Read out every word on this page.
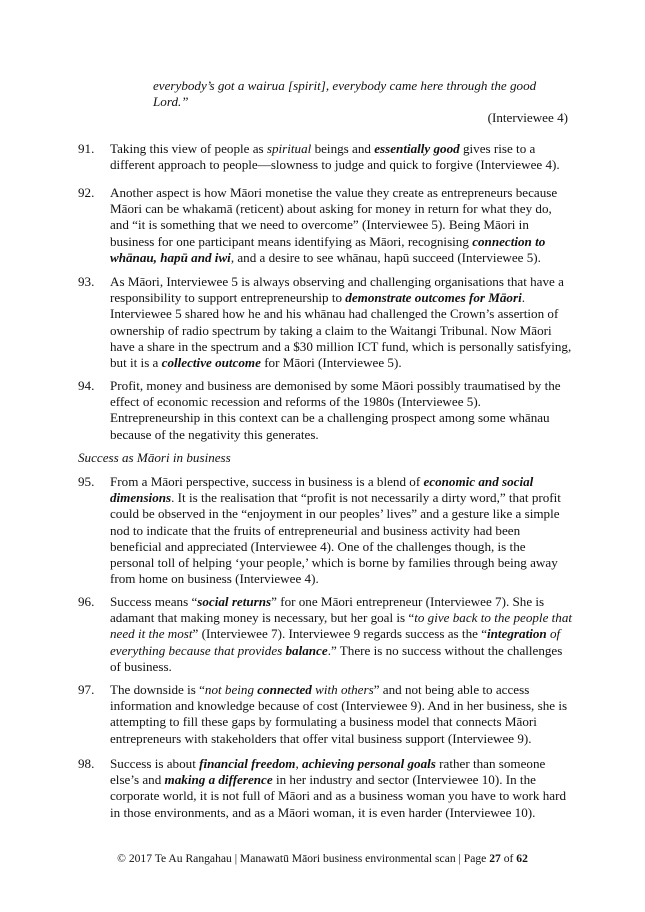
everybody’s got a wairua [spirit], everybody came here through the good Lord.”
(Interviewee 4)
91. Taking this view of people as spiritual beings and essentially good gives rise to a different approach to people—slowness to judge and quick to forgive (Interviewee 4).
92. Another aspect is how Māori monetise the value they create as entrepreneurs because Māori can be whakamā (reticent) about asking for money in return for what they do, and “it is something that we need to overcome” (Interviewee 5). Being Māori in business for one participant means identifying as Māori, recognising connection to whānau, hapū and iwi, and a desire to see whānau, hapū succeed (Interviewee 5).
93. As Māori, Interviewee 5 is always observing and challenging organisations that have a responsibility to support entrepreneurship to demonstrate outcomes for Māori. Interviewee 5 shared how he and his whānau had challenged the Crown’s assertion of ownership of radio spectrum by taking a claim to the Waitangi Tribunal. Now Māori have a share in the spectrum and a $30 million ICT fund, which is personally satisfying, but it is a collective outcome for Māori (Interviewee 5).
94. Profit, money and business are demonised by some Māori possibly traumatised by the effect of economic recession and reforms of the 1980s (Interviewee 5). Entrepreneurship in this context can be a challenging prospect among some whānau because of the negativity this generates.
Success as Māori in business
95. From a Māori perspective, success in business is a blend of economic and social dimensions. It is the realisation that “profit is not necessarily a dirty word,” that profit could be observed in the “enjoyment in our peoples’ lives” and a gesture like a simple nod to indicate that the fruits of entrepreneurial and business activity had been beneficial and appreciated (Interviewee 4). One of the challenges though, is the personal toll of helping ‘your people,’ which is borne by families through being away from home on business (Interviewee 4).
96. Success means “social returns” for one Māori entrepreneur (Interviewee 7). She is adamant that making money is necessary, but her goal is “to give back to the people that need it the most” (Interviewee 7). Interviewee 9 regards success as the “integration of everything because that provides balance.” There is no success without the challenges of business.
97. The downside is “not being connected with others” and not being able to access information and knowledge because of cost (Interviewee 9). And in her business, she is attempting to fill these gaps by formulating a business model that connects Māori entrepreneurs with stakeholders that offer vital business support (Interviewee 9).
98. Success is about financial freedom, achieving personal goals rather than someone else’s and making a difference in her industry and sector (Interviewee 10). In the corporate world, it is not full of Māori and as a business woman you have to work hard in those environments, and as a Māori woman, it is even harder (Interviewee 10).
© 2017 Te Au Rangahau | Manawatū Māori business environmental scan | Page 27 of 62
